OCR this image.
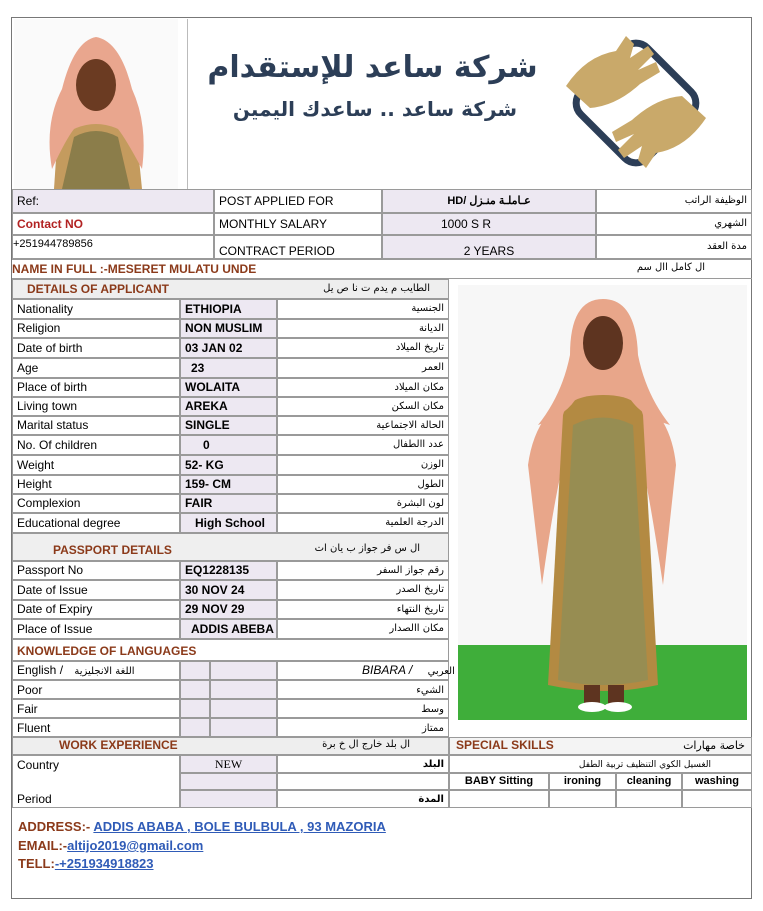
شركة ساعد للإستقدام
شركة ساعد .. ساعدك اليمين
Ref:	POST APPLIED FOR	HD/ عـاملـة منـزل	الوظيفة الراتب
Contact NO	MONTHLY SALARY	1000 S R	الشهري
+251944789856	CONTRACT PERIOD	2 YEARS	مدة العقد
NAME IN FULL :-MESERET MULATU UNDE	ال كامل اال سم
DETAILS OF APPLICANT	الطايب م يدم ت نا ص يل
Nationality	ETHIOPIA	الجنسية
Religion	NON MUSLIM	الديانة
Date of birth	03 JAN 02	تاريخ الميلاد
Age	23	العمر
Place of birth	WOLAITA	مكان الميلاد
Living town	AREKA	مكان السكن
Marital status	SINGLE	الحالة الاجتماعية
No. Of children	0	عدد االطفال
Weight	52- KG	الوزن
Height	159- CM	الطول
Complexion	FAIR	لون البشرة
Educational degree	High School	الدرجة العلمية
PASSPORT DETAILS	ال س فر جواز ب يان ات
Passport No	EQ1228135	رقم جواز السفر
Date of Issue	30 NOV 24	تاريخ الصدر
Date of Expiry	29 NOV 29	تاريخ النتهاء
Place of Issue	ADDIS ABEBA	مكان االصدار
KNOWLEDGE OF LANGUAGES
English / اللغة الانجليزية	BIBARA / العربي
Poor	الشيء
Fair	وسط
Fluent	ممتاز
WORK EXPERIENCE	ال بلد خارج ال خ برة
Country	NEW	البلد
Period	المدة
SPECIAL SKILLS	خاصة مهارات
الغسيل الكوي التنظيف تربية الطفل
BABY Sitting	ironing	cleaning	washing
ADDRESS:- ADDIS ABABA , BOLE BULBULA , 93 MAZORIA
EMAIL:-altijo2019@gmail.com
TELL:-+251934918823
